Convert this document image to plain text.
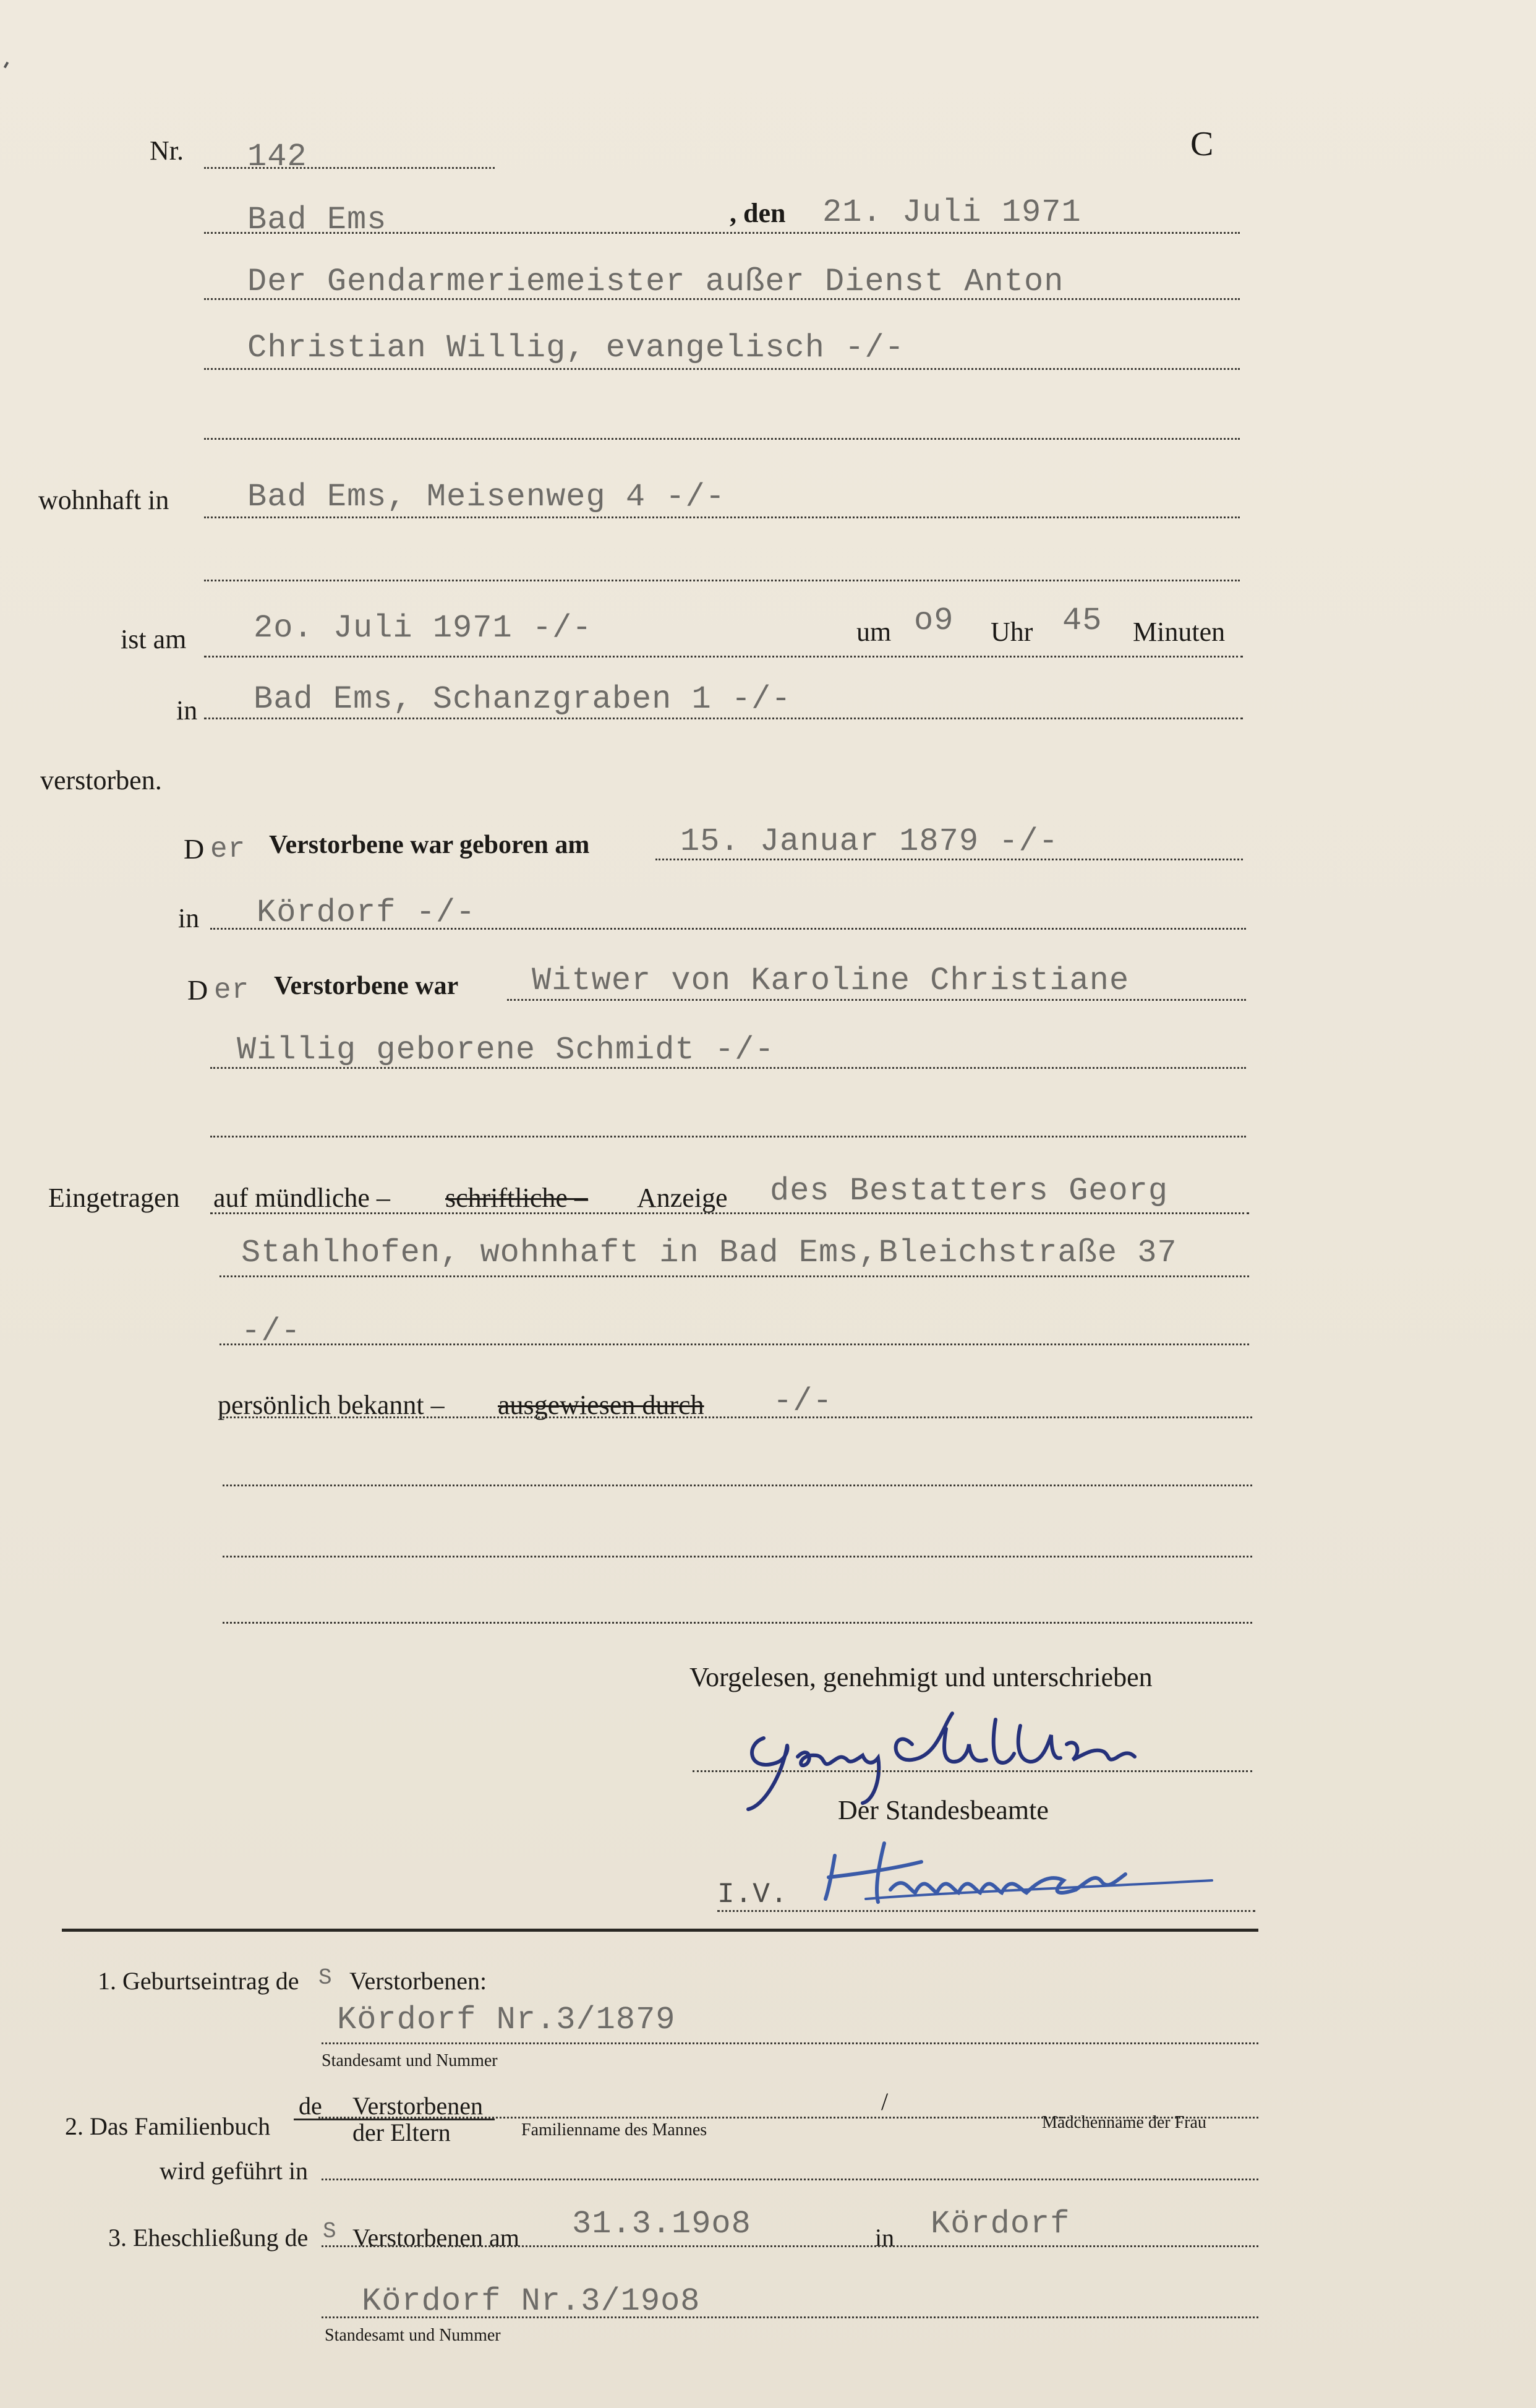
Nr. 142	C
Bad Ems	, den 21. Juli 1971
Der Gendarmeriemeister außer Dienst Anton
Christian Willig, evangelisch -/-
wohnhaft in Bad Ems, Meisenweg 4 -/-
ist am 2o. Juli 1971 -/-	um o9 Uhr 45 Minuten
in Bad Ems, Schanzgraben 1 -/-
verstorben.
D er Verstorbene war geboren am	15. Januar 1879 -/-
in Kördorf -/-
D er Verstorbene war Witwer von Karoline Christiane
Willig geborene Schmidt -/-
Eingetragen auf mündliche – schriftliche – Anzeige des Bestatters Georg
Stahlhofen, wohnhaft in Bad Ems,Bleichstraße 37
-/-
persönlich bekannt – ausgewiesen durch -/-
Vorgelesen, genehmigt und unterschrieben
Der Standesbeamte
I.V.
1. Geburtseintrag de S Verstorbenen:
Kördorf Nr.3/1879
Standesamt und Nummer
de Verstorbenen	/
2. Das Familienbuch	der Eltern	Familienname des Mannes	Mädchenname der Frau
wird geführt in
3. Eheschließung de S Verstorbenen am 31.3.19o8	in Kördorf
Kördorf Nr.3/19o8
Standesamt und Nummer
